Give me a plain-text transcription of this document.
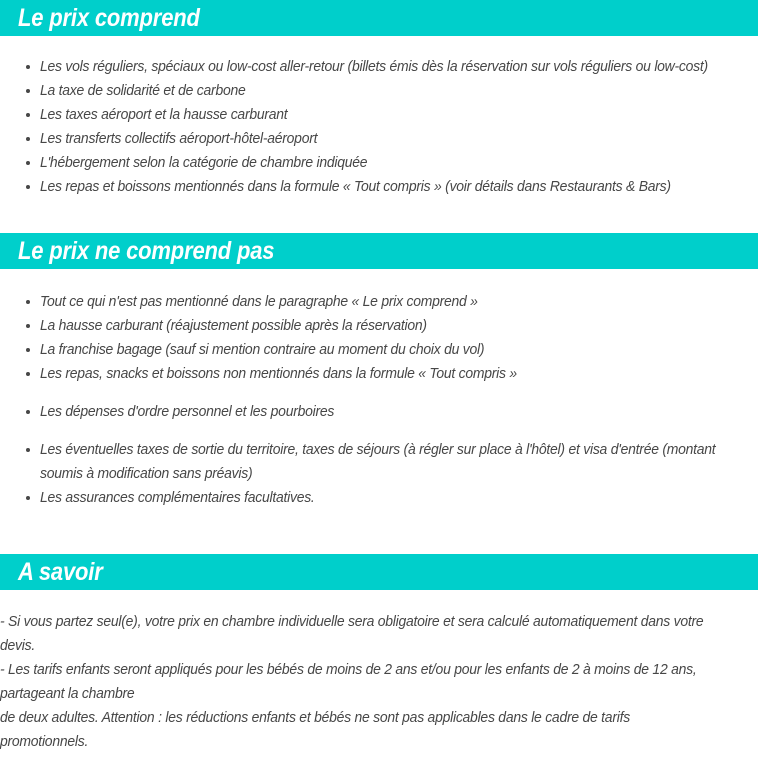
Le prix comprend
Les vols réguliers, spéciaux ou low-cost aller-retour (billets émis dès la réservation sur vols réguliers ou low-cost)
La taxe de solidarité et de carbone
Les taxes aéroport et la hausse carburant
Les transferts collectifs aéroport-hôtel-aéroport
L'hébergement selon la catégorie de chambre indiquée
Les repas et boissons mentionnés dans la formule « Tout compris » (voir détails dans Restaurants & Bars)
Le prix ne comprend pas
Tout ce qui n'est pas mentionné dans le paragraphe « Le prix comprend »
La hausse carburant (réajustement possible après la réservation)
La franchise bagage (sauf si mention contraire au moment du choix du vol)
Les repas, snacks et boissons non mentionnés dans la formule « Tout compris »
Les dépenses d'ordre personnel et les pourboires
Les éventuelles taxes de sortie du territoire, taxes de séjours (à régler sur place à l'hôtel) et visa d'entrée (montant soumis à modification sans préavis)
Les assurances complémentaires facultatives.
A savoir

- Si vous partez seul(e), votre prix en chambre individuelle sera obligatoire et sera calculé automatiquement dans votre devis.

- Les tarifs enfants seront appliqués pour les bébés de moins de 2 ans et/ou pour les enfants de 2 à moins de 12 ans, partageant la chambre

de deux adultes. Attention : les réductions enfants et bébés ne sont pas applicables dans le cadre de tarifs promotionnels.
